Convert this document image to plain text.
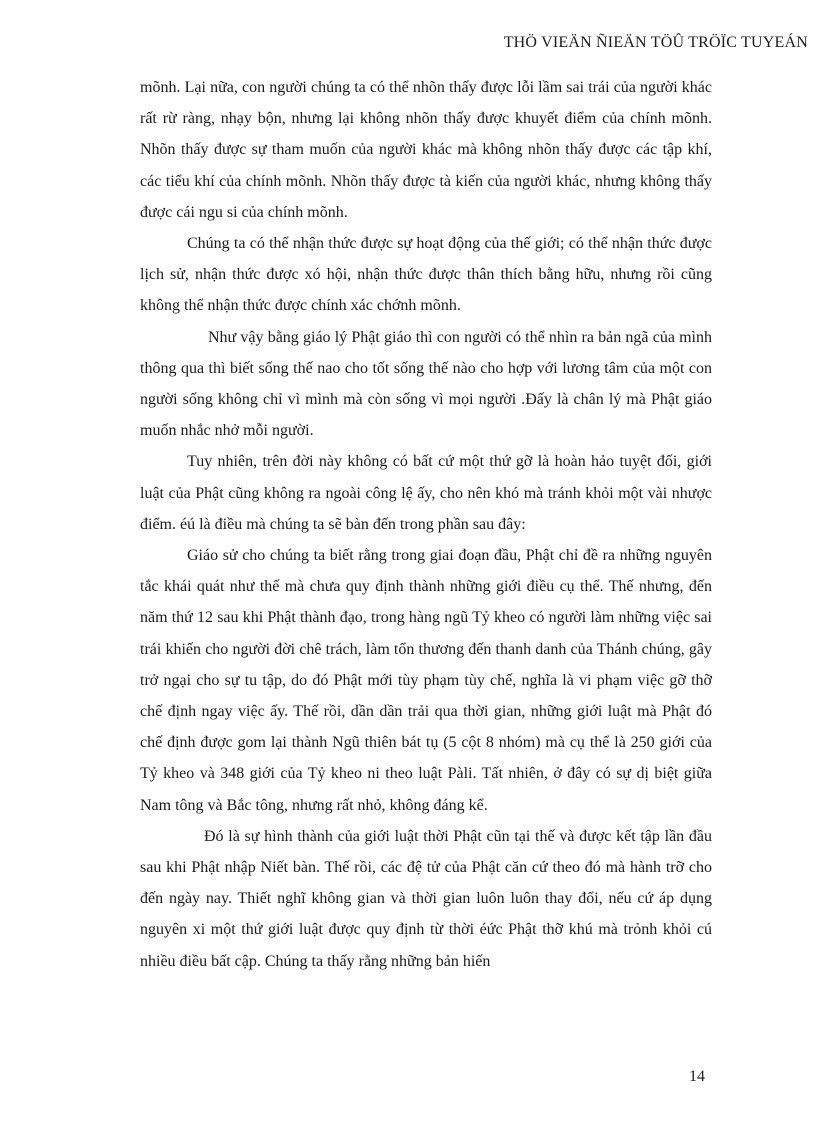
THÖ VIEÄN ÑIEÄN TÖÛ TRÖÏC TUYEÁN

mõnh. Lại nữa, con người chúng ta có thể nhõn thấy được lỗi lầm sai trái của người khác rất rừ ràng, nhạy bộn, nhưng lại không nhõn thấy được khuyết điểm của chính mõnh. Nhõn thấy được sự tham muốn của người khác mà không nhõn thấy được các tập khí, các tiểu khí của chính mõnh. Nhõn thấy được tà kiến của người khác, nhưng không thấy được cái ngu si của chính mõnh.

Chúng ta có thể nhận thức được sự hoạt động của thế giới; có thể nhận thức được lịch sử, nhận thức được xó hội, nhận thức được thân thích bằng hữu, nhưng rồi cũng không thể nhận thức được chính xác chớnh mõnh.

Như vậy bằng giáo lý Phật giáo thì con người có thể nhìn ra bản ngã của mình thông qua thì biết sống thế nao cho tốt sống thế nào cho hợp với lương tâm của một con người sống không chỉ vì mình mà còn sống vì mọi người .Đấy là chân lý mà Phật giáo muốn nhắc nhở mỗi người.

Tuy nhiên, trên đời này không có bất cứ một thứ gỡ là hoàn hảo tuyệt đối, giới luật của Phật cũng không ra ngoài công lệ ấy, cho nên khó mà tránh khỏi một vài nhược điểm. éú là điều mà chúng ta sẽ bàn đến trong phần sau đây:

Giáo sử cho chúng ta biết rằng trong giai đoạn đầu, Phật chỉ đề ra những nguyên tắc khái quát như thế mà chưa quy định thành những giới điều cụ thể. Thế nhưng, đến năm thứ 12 sau khi Phật thành đạo, trong hàng ngũ Tỷ kheo có người làm những việc sai trái khiến cho người đời chê trách, làm tổn thương đến thanh danh của Thánh chúng, gây trở ngại cho sự tu tập, do đó Phật mới tùy phạm tùy chế, nghĩa là vi phạm việc gỡ thỡ chế định ngay việc ấy. Thế rồi, dần dần trải qua thời gian, những giới luật mà Phật đó chế định được gom lại thành Ngũ thiên bát tụ (5 cột 8 nhóm) mà cụ thể là 250 giới của Tỷ kheo và 348 giới của Tỷ kheo ni theo luật Pàli. Tất nhiên, ở đây có sự dị biệt giữa Nam tông và Bắc tông, nhưng rất nhỏ, không đáng kể.

Đó là sự hình thành của giới luật thời Phật cũn tại thế và được kết tập lần đầu sau khi Phật nhập Niết bàn. Thế rồi, các đệ tử của Phật căn cứ theo đó mà hành trỡ cho đến ngày nay. Thiết nghĩ không gian và thời gian luôn luôn thay đổi, nếu cứ áp dụng nguyên xi một thứ giới luật được quy định từ thời éức Phật thỡ khú mà trỏnh khỏi cú nhiều điều bất cập. Chúng ta thấy rằng những bản hiến

14
